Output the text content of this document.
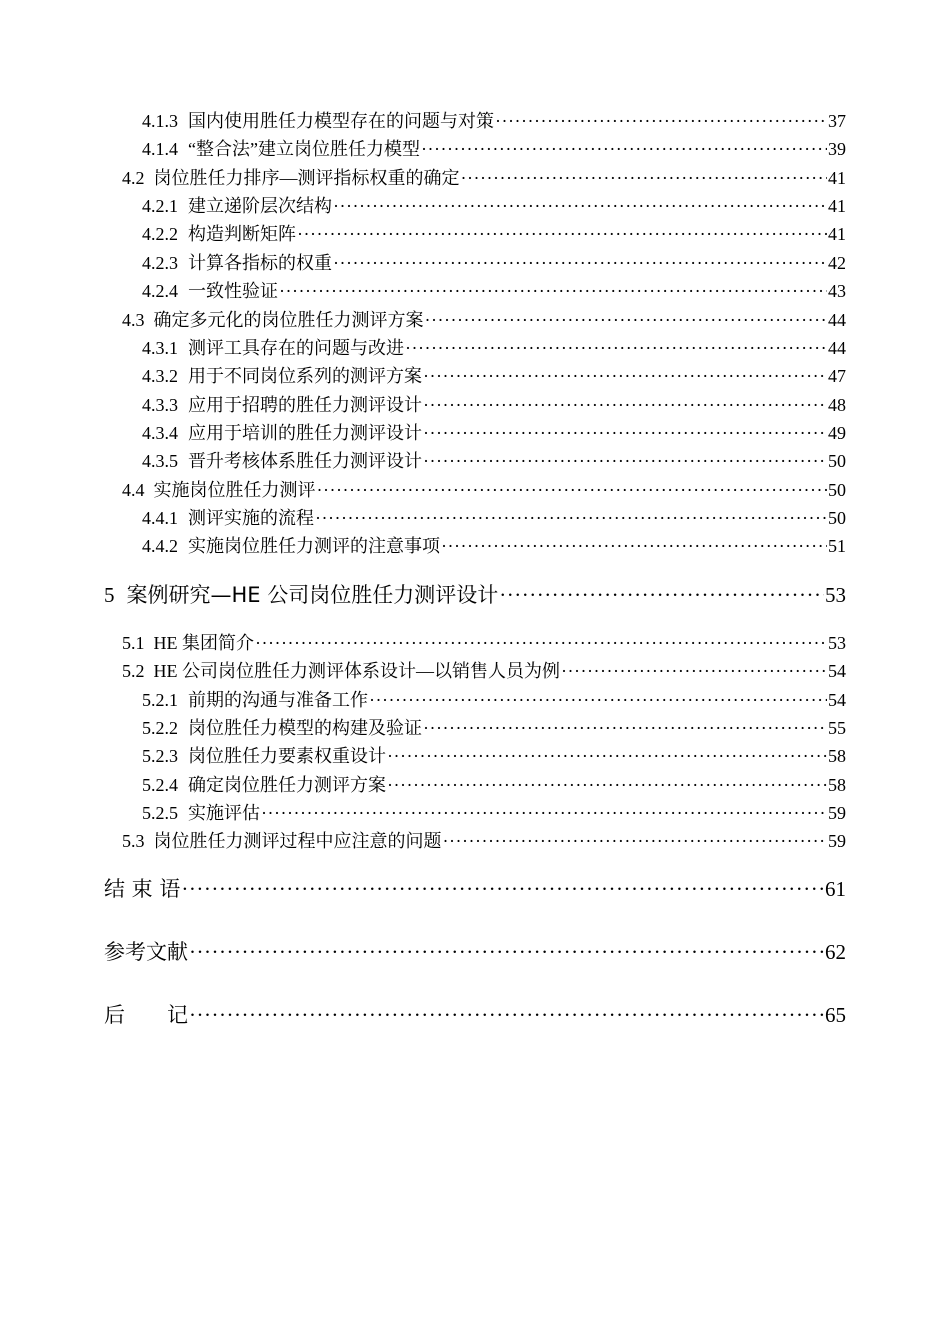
4.1.3 国内使用胜任力模型存在的问题与对策 ·····	37
4.1.4 “整合法”建立岗位胜任力模型 ·····	39
4.2 岗位胜任力排序—测评指标权重的确定 ·····	41
4.2.1 建立递阶层次结构 ·····	41
4.2.2 构造判断矩阵 ·····	41
4.2.3 计算各指标的权重 ·····	42
4.2.4 一致性验证 ·····	43
4.3 确定多元化的岗位胜任力测评方案 ·····	44
4.3.1 测评工具存在的问题与改进 ·····	44
4.3.2 用于不同岗位系列的测评方案 ·····	47
4.3.3 应用于招聘的胜任力测评设计 ·····	48
4.3.4 应用于培训的胜任力测评设计 ·····	49
4.3.5 晋升考核体系胜任力测评设计 ·····	50
4.4 实施岗位胜任力测评 ·····	50
4.4.1 测评实施的流程 ·····	50
4.4.2 实施岗位胜任力测评的注意事项 ·····	51
5 案例研究—HE 公司岗位胜任力测评设计 ·····	53
5.1 HE 集团简介 ·····	53
5.2 HE 公司岗位胜任力测评体系设计—以销售人员为例 ·····	54
5.2.1 前期的沟通与准备工作 ·····	54
5.2.2 岗位胜任力模型的构建及验证 ·····	55
5.2.3 岗位胜任力要素权重设计 ·····	58
5.2.4 确定岗位胜任力测评方案 ·····	58
5.2.5 实施评估 ·····	59
5.3 岗位胜任力测评过程中应注意的问题 ·····	59
结 束 语 ·····	61
参考文献 ·····	62
后　　记 ·····	65
